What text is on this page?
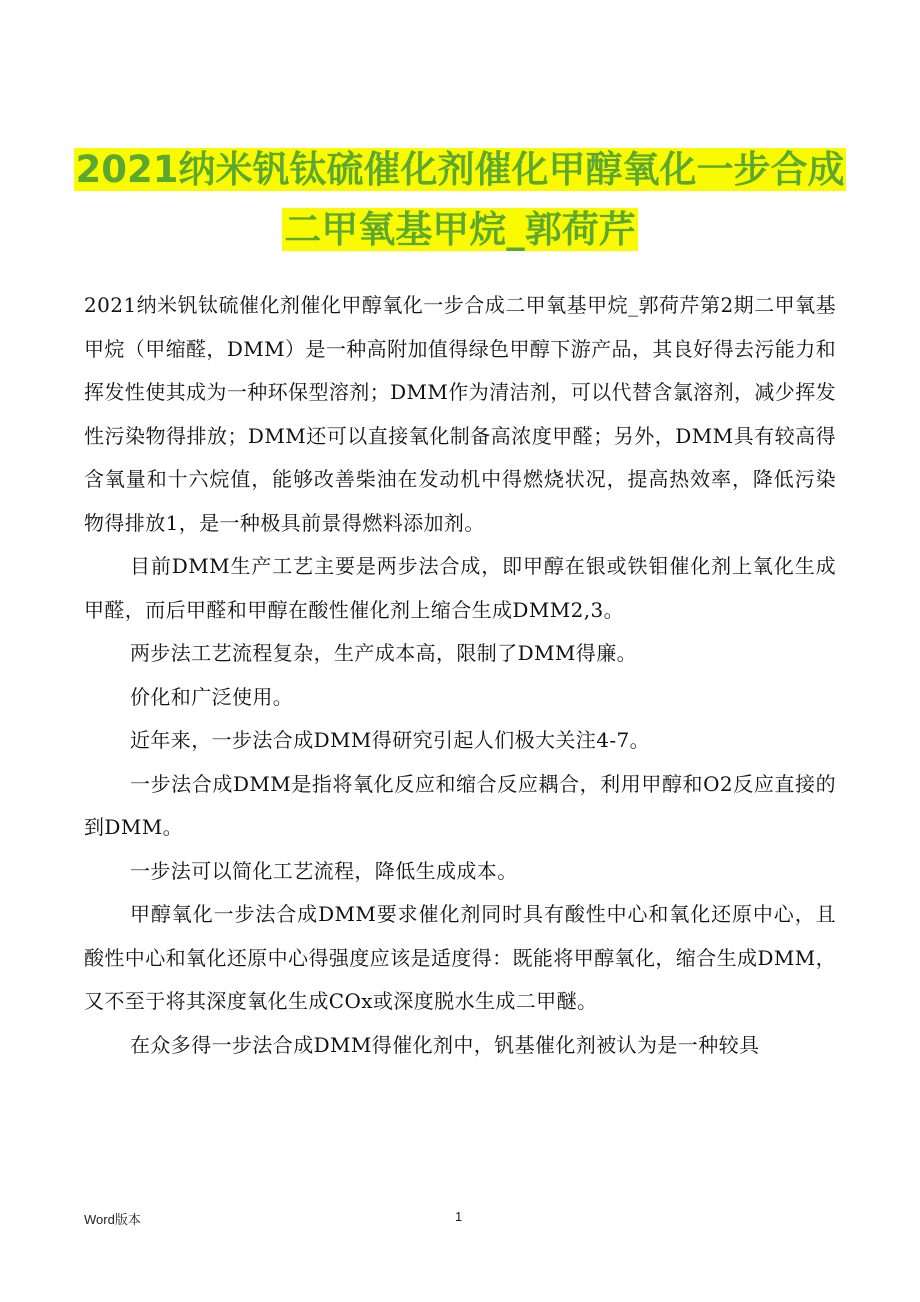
2021纳米钒钛硫催化剂催化甲醇氧化一步合成
二甲氧基甲烷_郭荷芹

2021纳米钒钛硫催化剂催化甲醇氧化一步合成二甲氧基甲烷_郭荷芹第2期二甲氧基甲烷（甲缩醛，DMM）是一种高附加值得绿色甲醇下游产品，其良好得去污能力和挥发性使其成为一种环保型溶剂；DMM作为清洁剂，可以代替含氯溶剂，减少挥发性污染物得排放；DMM还可以直接氧化制备高浓度甲醛；另外，DMM具有较高得含氧量和十六烷值，能够改善柴油在发动机中得燃烧状况，提高热效率，降低污染物得排放1，是一种极具前景得燃料添加剂。

目前DMM生产工艺主要是两步法合成，即甲醇在银或铁钼催化剂上氧化生成甲醛，而后甲醛和甲醇在酸性催化剂上缩合生成DMM2,3。

两步法工艺流程复杂，生产成本高，限制了DMM得廉。

价化和广泛使用。

近年来，一步法合成DMM得研究引起人们极大关注4-7。

一步法合成DMM是指将氧化反应和缩合反应耦合，利用甲醇和O2反应直接的到DMM。

一步法可以简化工艺流程，降低生成成本。

甲醇氧化一步法合成DMM要求催化剂同时具有酸性中心和氧化还原中心，且酸性中心和氧化还原中心得强度应该是适度得：既能将甲醇氧化，缩合生成DMM，又不至于将其深度氧化生成COx或深度脱水生成二甲醚。

在众多得一步法合成DMM得催化剂中，钒基催化剂被认为是一种较具

Word版本	1
